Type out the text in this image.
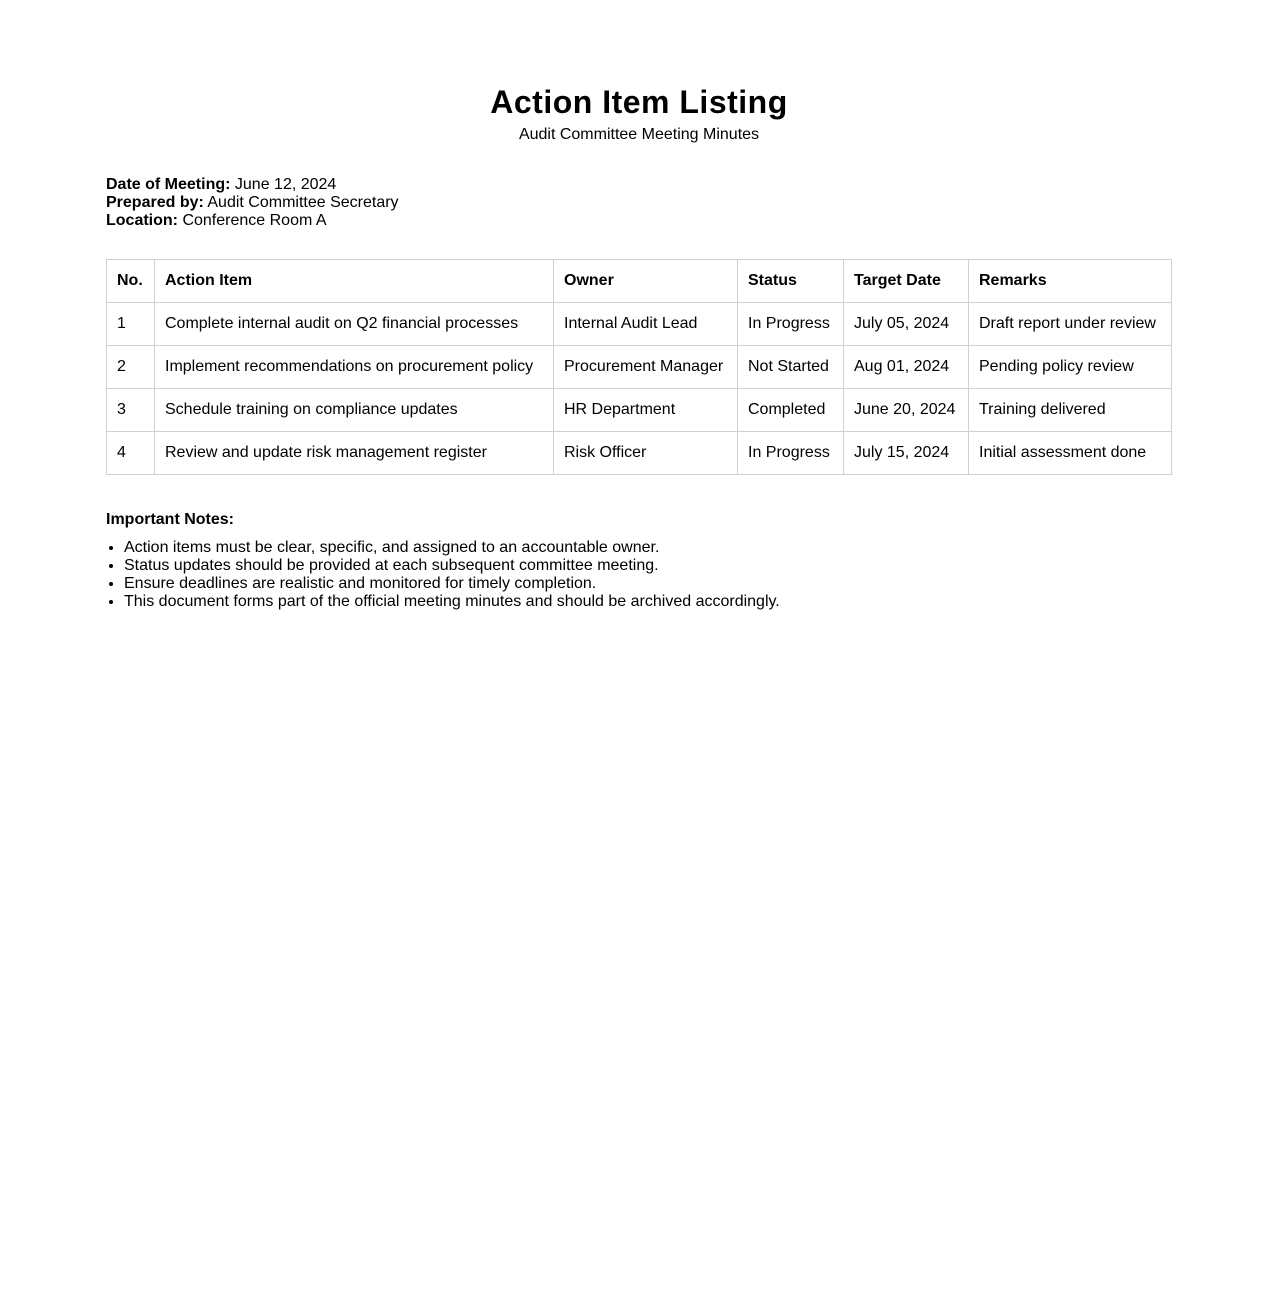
Action Item Listing
Audit Committee Meeting Minutes
Date of Meeting: June 12, 2024
Prepared by: Audit Committee Secretary
Location: Conference Room A
No.	Action Item	Owner	Status	Target Date	Remarks
1	Complete internal audit on Q2 financial processes	Internal Audit Lead	In Progress	July 05, 2024	Draft report under review
2	Implement recommendations on procurement policy	Procurement Manager	Not Started	Aug 01, 2024	Pending policy review
3	Schedule training on compliance updates	HR Department	Completed	June 20, 2024	Training delivered
4	Review and update risk management register	Risk Officer	In Progress	July 15, 2024	Initial assessment done

Important Notes:

• Action items must be clear, specific, and assigned to an accountable owner.
• Status updates should be provided at each subsequent committee meeting.
• Ensure deadlines are realistic and monitored for timely completion.
• This document forms part of the official meeting minutes and should be archived accordingly.
